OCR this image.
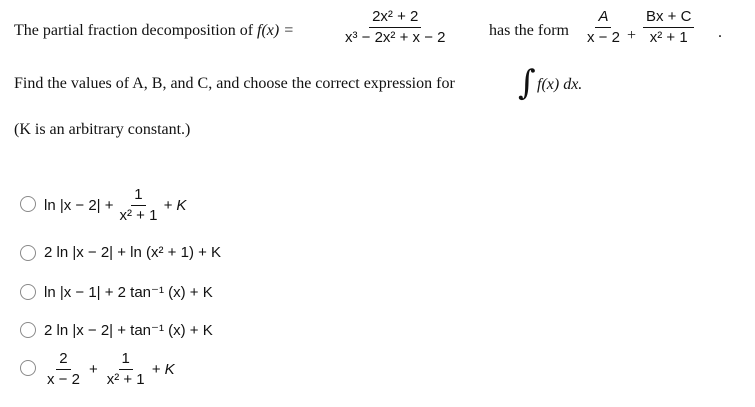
The partial fraction decomposition of f(x) =	$\frac{\text{2x² + 2}}{\text{x³ − 2x² + x − 2}}$	has the form $\frac{A}{x - 2} + \frac{Bx + C}{\text{x² + 1}}$ .
Find the values of A, B, and C, and choose the correct expression for ∫ f(x) dx.
(K is an arbitrary constant.)
$\ln |x - 2| + \frac{1}{\text{x² + 1}} + K$
2 ln |x − 2| + ln (x² + 1) + K
ln |x − 1| + 2 tan⁻¹ (x) + K
2 ln |x − 2| + tan⁻¹ (x) + K
$\frac{2}{x - 2} + \frac{1}{\text{x² + 1}} + K$
